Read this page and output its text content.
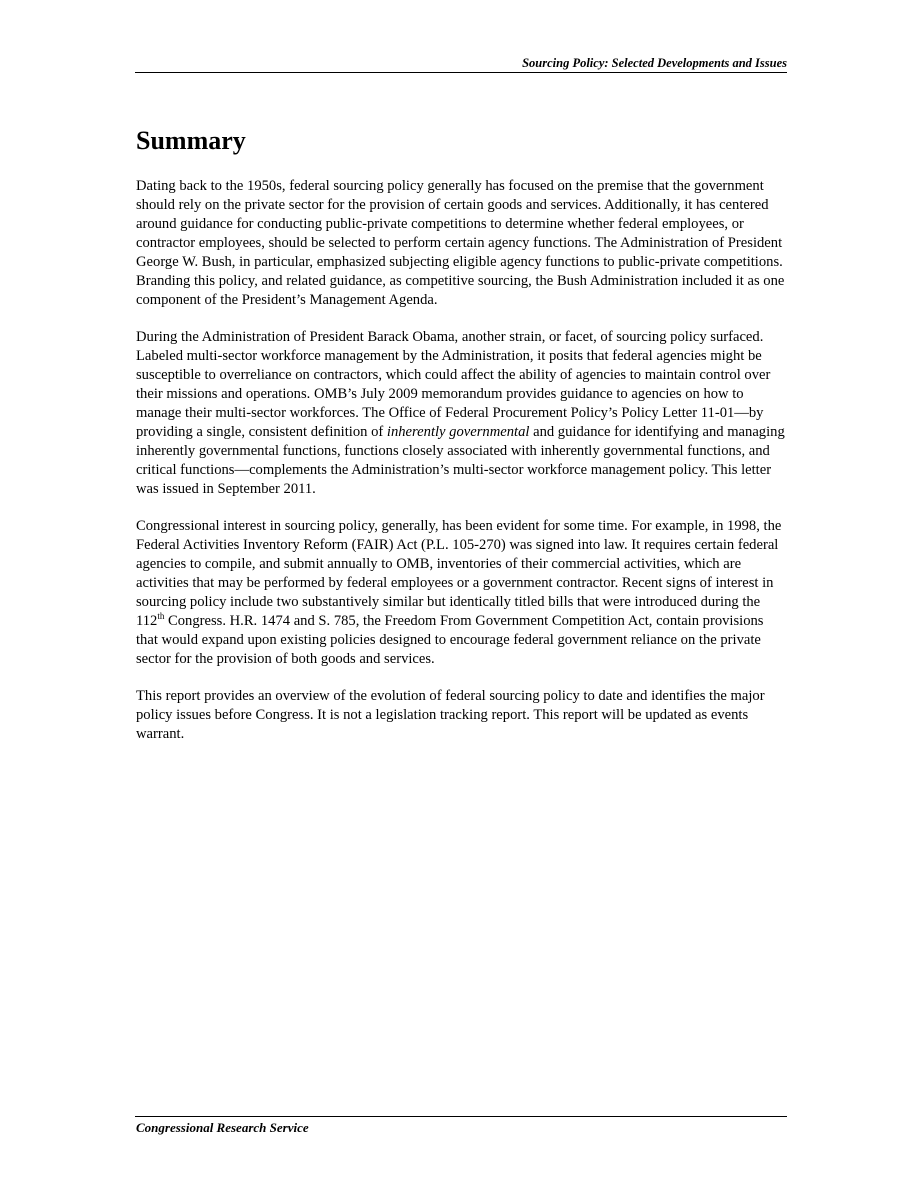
Sourcing Policy: Selected Developments and Issues
Summary

Dating back to the 1950s, federal sourcing policy generally has focused on the premise that the government should rely on the private sector for the provision of certain goods and services. Additionally, it has centered around guidance for conducting public-private competitions to determine whether federal employees, or contractor employees, should be selected to perform certain agency functions. The Administration of President George W. Bush, in particular, emphasized subjecting eligible agency functions to public-private competitions. Branding this policy, and related guidance, as competitive sourcing, the Bush Administration included it as one component of the President’s Management Agenda.

During the Administration of President Barack Obama, another strain, or facet, of sourcing policy surfaced. Labeled multi-sector workforce management by the Administration, it posits that federal agencies might be susceptible to overreliance on contractors, which could affect the ability of agencies to maintain control over their missions and operations. OMB’s July 2009 memorandum provides guidance to agencies on how to manage their multi-sector workforces. The Office of Federal Procurement Policy’s Policy Letter 11-01—by providing a single, consistent definition of inherently governmental and guidance for identifying and managing inherently governmental functions, functions closely associated with inherently governmental functions, and critical functions—complements the Administration’s multi-sector workforce management policy. This letter was issued in September 2011.

Congressional interest in sourcing policy, generally, has been evident for some time. For example, in 1998, the Federal Activities Inventory Reform (FAIR) Act (P.L. 105-270) was signed into law. It requires certain federal agencies to compile, and submit annually to OMB, inventories of their commercial activities, which are activities that may be performed by federal employees or a government contractor. Recent signs of interest in sourcing policy include two substantively similar but identically titled bills that were introduced during the 112th Congress. H.R. 1474 and S. 785, the Freedom From Government Competition Act, contain provisions that would expand upon existing policies designed to encourage federal government reliance on the private sector for the provision of both goods and services.

This report provides an overview of the evolution of federal sourcing policy to date and identifies the major policy issues before Congress. It is not a legislation tracking report. This report will be updated as events warrant.

Congressional Research Service
